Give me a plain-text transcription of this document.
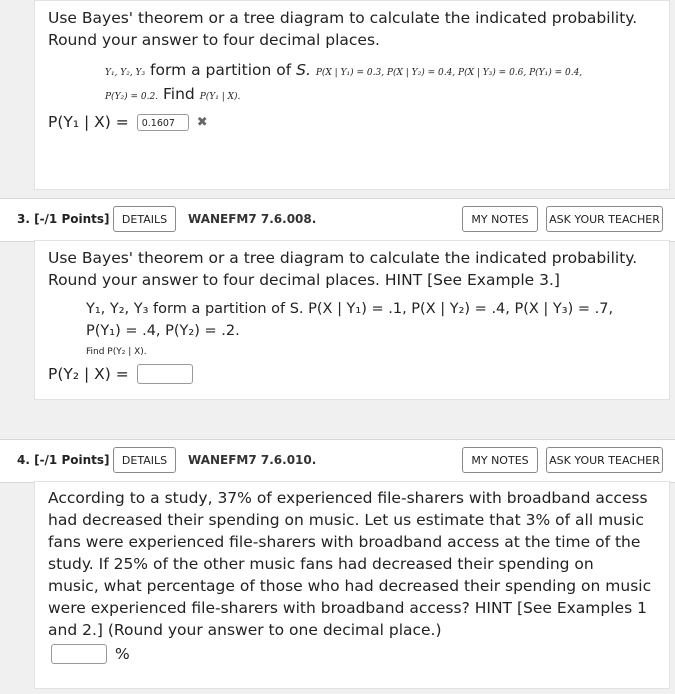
Use Bayes' theorem or a tree diagram to calculate the indicated probability.
Round your answer to four decimal places.
Y₁, Y₂, Y₃ form a partition of S. P(X | Y₁) = 0.3, P(X | Y₂) = 0.4, P(X | Y₃) = 0.6, P(Y₁) = 0.4,
P(Y₂) = 0.2. Find P(Y₁ | X).
P(Y₁ | X) =	0.1607	✖
3. [-/1 Points]	DETAILS	WANEFM7 7.6.008.	MY NOTES	ASK YOUR TEACHER
Use Bayes' theorem or a tree diagram to calculate the indicated probability.
Round your answer to four decimal places. HINT [See Example 3.]
Y₁, Y₂, Y₃ form a partition of S. P(X | Y₁) = .1, P(X | Y₂) = .4, P(X | Y₃) = .7,
P(Y₁) = .4, P(Y₂) = .2.
Find P(Y₂ | X).
P(Y₂ | X) =
4. [-/1 Points]	DETAILS	WANEFM7 7.6.010.	MY NOTES	ASK YOUR TEACHER
According to a study, 37% of experienced file-sharers with broadband access
had decreased their spending on music. Let us estimate that 3% of all music
fans were experienced file-sharers with broadband access at the time of the
study. If 25% of the other music fans had decreased their spending on
music, what percentage of those who had decreased their spending on music
were experienced file-sharers with broadband access? HINT [See Examples 1
and 2.] (Round your answer to one decimal place.)
%
